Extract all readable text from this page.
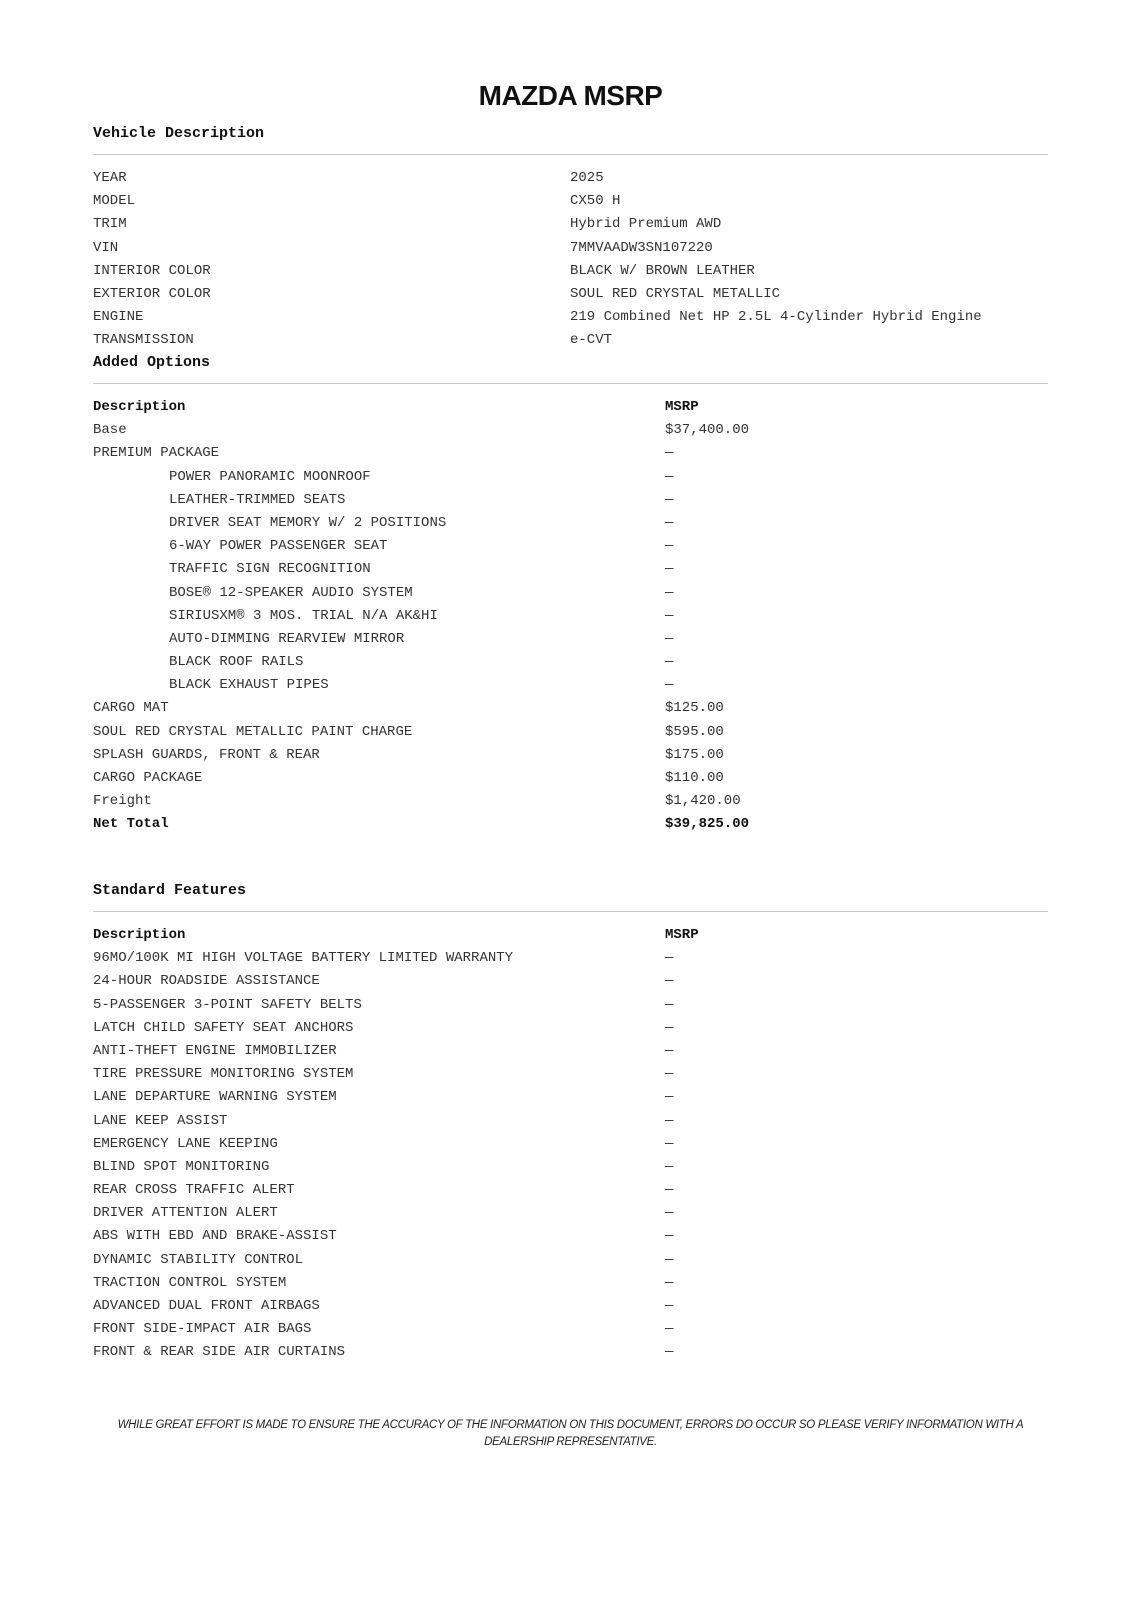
MAZDA MSRP
Vehicle Description
YEAR	2025
MODEL	CX50 H
TRIM	Hybrid Premium AWD
VIN	7MMVAADW3SN107220
INTERIOR COLOR	BLACK W/ BROWN LEATHER
EXTERIOR COLOR	SOUL RED CRYSTAL METALLIC
ENGINE	219 Combined Net HP 2.5L 4-Cylinder Hybrid Engine
TRANSMISSION	e-CVT
Added Options
Description	MSRP
Base	$37,400.00
PREMIUM PACKAGE	—
POWER PANORAMIC MOONROOF	—
LEATHER-TRIMMED SEATS	—
DRIVER SEAT MEMORY W/ 2 POSITIONS	—
6-WAY POWER PASSENGER SEAT	—
TRAFFIC SIGN RECOGNITION	—
BOSE® 12-SPEAKER AUDIO SYSTEM	—
SIRIUSXM® 3 MOS. TRIAL N/A AK&HI	—
AUTO-DIMMING REARVIEW MIRROR	—
BLACK ROOF RAILS	—
BLACK EXHAUST PIPES	—
CARGO MAT	$125.00
SOUL RED CRYSTAL METALLIC PAINT CHARGE	$595.00
SPLASH GUARDS, FRONT & REAR	$175.00
CARGO PACKAGE	$110.00
Freight	$1,420.00
Net Total	$39,825.00
Standard Features
Description	MSRP
96MO/100K MI HIGH VOLTAGE BATTERY LIMITED WARRANTY	—
24-HOUR ROADSIDE ASSISTANCE	—
5-PASSENGER 3-POINT SAFETY BELTS	—
LATCH CHILD SAFETY SEAT ANCHORS	—
ANTI-THEFT ENGINE IMMOBILIZER	—
TIRE PRESSURE MONITORING SYSTEM	—
LANE DEPARTURE WARNING SYSTEM	—
LANE KEEP ASSIST	—
EMERGENCY LANE KEEPING	—
BLIND SPOT MONITORING	—
REAR CROSS TRAFFIC ALERT	—
DRIVER ATTENTION ALERT	—
ABS WITH EBD AND BRAKE-ASSIST	—
DYNAMIC STABILITY CONTROL	—
TRACTION CONTROL SYSTEM	—
ADVANCED DUAL FRONT AIRBAGS	—
FRONT SIDE-IMPACT AIR BAGS	—
FRONT & REAR SIDE AIR CURTAINS	—
WHILE GREAT EFFORT IS MADE TO ENSURE THE ACCURACY OF THE INFORMATION ON THIS DOCUMENT, ERRORS DO OCCUR SO PLEASE VERIFY INFORMATION WITH A DEALERSHIP REPRESENTATIVE.
